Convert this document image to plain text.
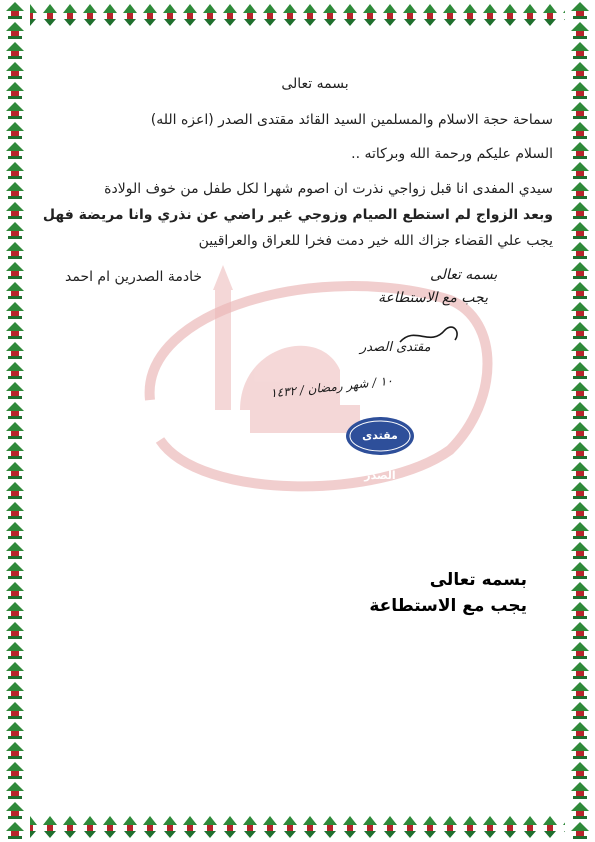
بسمه تعالى
سماحة حجة الاسلام والمسلمين السيد القائد مقتدى الصدر (اعزه الله)
السلام عليكم ورحمة الله وبركاته ..
سيدي المفدى انا قبل زواجي نذرت ان اصوم شهرا لكل طفل من خوف الولادة
وبعد الزواج لم استطع الصيام وزوجي غير راضي عن نذري وانا مريضة فهل
يجب علي القضاء جزاك الله خير دمت فخرا للعراق والعراقيين
خادمة الصدرين ام احمد	بسمه تعالى
يجب مع الاستطاعة
مقتدى الصدر
١٠ / شهر رمضان / ١٤٣٢
مقتدى الصدر
بسمه تعالى
يجب مع الاستطاعة
